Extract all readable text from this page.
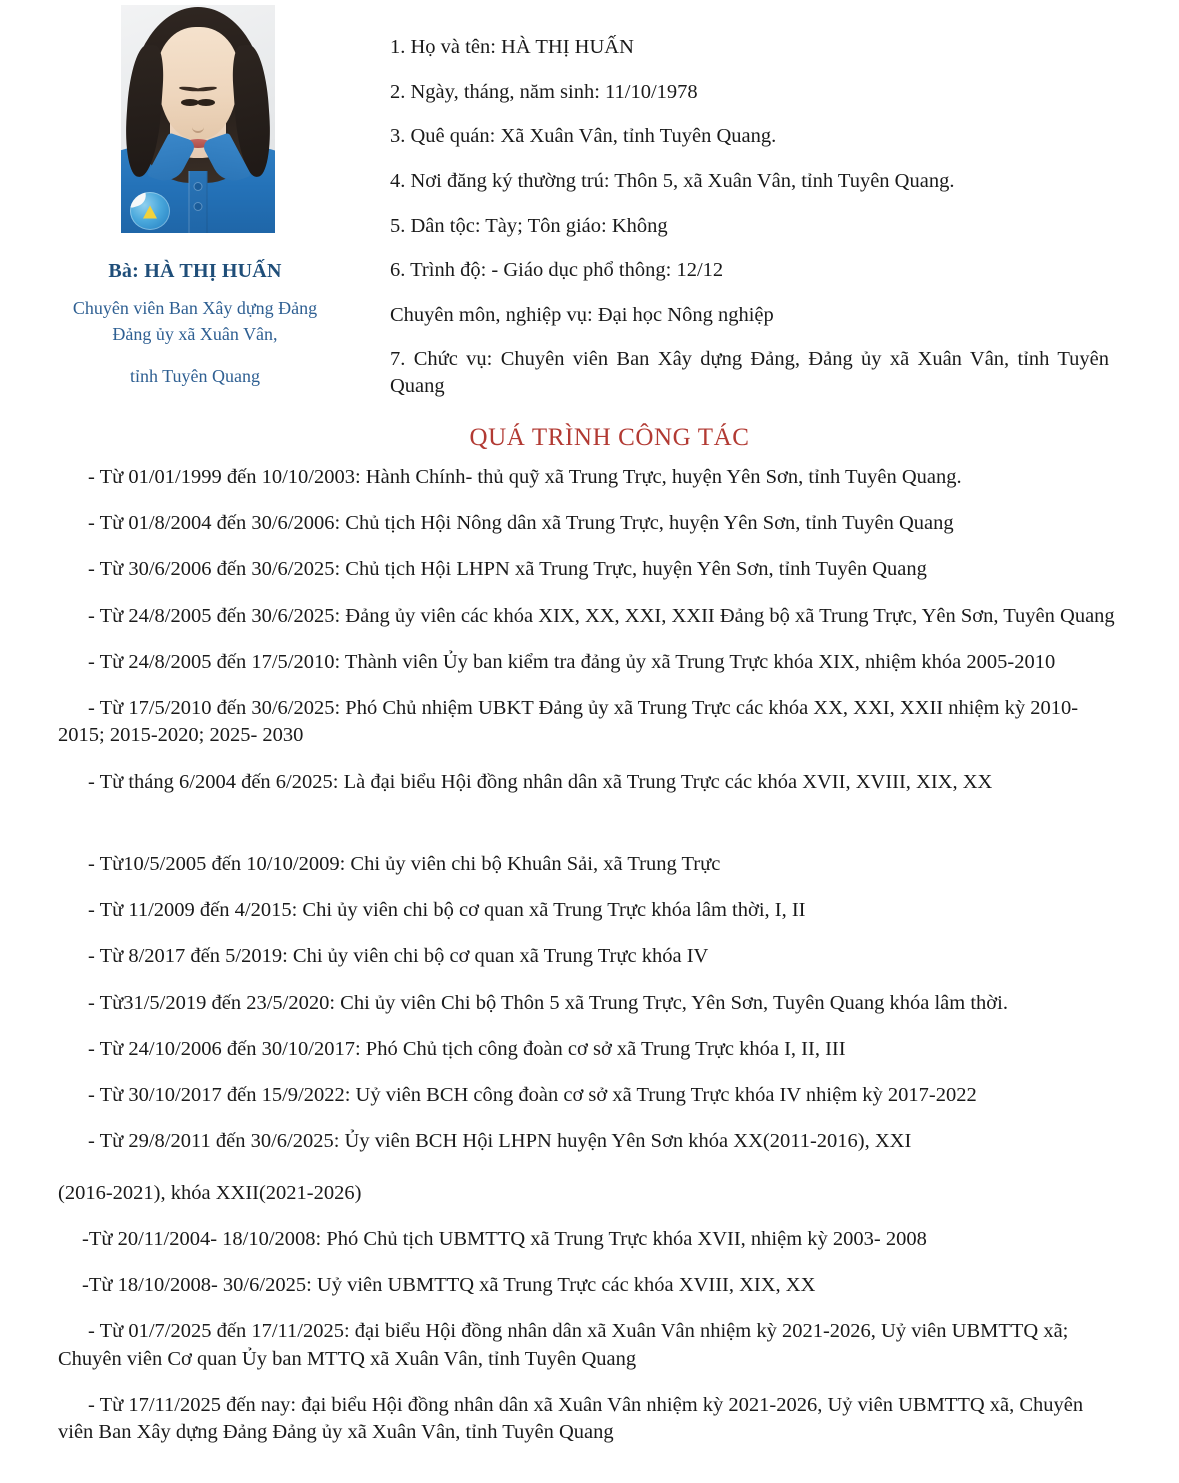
Bà: HÀ THỊ HUẤN
Chuyên viên Ban Xây dựng Đảng
Đảng ủy xã Xuân Vân,
tỉnh Tuyên Quang
1. Họ và tên: HÀ THỊ HUẤN
2. Ngày, tháng, năm sinh: 11/10/1978
3. Quê quán: Xã Xuân Vân, tỉnh Tuyên Quang.
4. Nơi đăng ký thường trú: Thôn 5, xã Xuân Vân, tỉnh Tuyên Quang.
5. Dân tộc: Tày; Tôn giáo: Không
6. Trình độ: - Giáo dục phổ thông: 12/12
Chuyên môn, nghiệp vụ: Đại học Nông nghiệp
7. Chức vụ: Chuyên viên Ban Xây dựng Đảng, Đảng ủy xã Xuân Vân, tỉnh Tuyên Quang
QUÁ TRÌNH CÔNG TÁC
- Từ 01/01/1999 đến 10/10/2003: Hành Chính- thủ quỹ xã Trung Trực, huyện Yên Sơn, tỉnh Tuyên Quang.
- Từ 01/8/2004 đến 30/6/2006: Chủ tịch Hội Nông dân xã Trung Trực, huyện Yên Sơn, tỉnh Tuyên Quang
- Từ 30/6/2006 đến 30/6/2025: Chủ tịch Hội LHPN xã Trung Trực, huyện Yên Sơn, tỉnh Tuyên Quang
- Từ 24/8/2005 đến 30/6/2025: Đảng ủy viên các khóa XIX, XX, XXI, XXII Đảng bộ xã Trung Trực, Yên Sơn, Tuyên Quang
- Từ 24/8/2005 đến 17/5/2010: Thành viên Ủy ban kiểm tra đảng ủy xã Trung Trực khóa XIX, nhiệm khóa 2005-2010
- Từ 17/5/2010 đến 30/6/2025: Phó Chủ nhiệm UBKT Đảng ủy xã Trung Trực các khóa XX, XXI, XXII nhiệm kỳ 2010-2015; 2015-2020; 2025- 2030
- Từ tháng 6/2004 đến 6/2025: Là đại biểu Hội đồng nhân dân xã Trung Trực các khóa XVII, XVIII, XIX, XX
- Từ10/5/2005 đến 10/10/2009: Chi ủy viên chi bộ Khuân Sải, xã Trung Trực
- Từ 11/2009 đến 4/2015: Chi ủy viên chi bộ cơ quan xã Trung Trực khóa lâm thời, I, II
- Từ 8/2017 đến 5/2019: Chi ủy viên chi bộ cơ quan xã Trung Trực khóa IV
- Từ31/5/2019 đến 23/5/2020: Chi ủy viên Chi bộ Thôn 5 xã Trung Trực, Yên Sơn, Tuyên Quang khóa lâm thời.
- Từ 24/10/2006 đến 30/10/2017: Phó Chủ tịch công đoàn cơ sở xã Trung Trực khóa I, II, III
- Từ 30/10/2017 đến 15/9/2022: Uỷ viên BCH công đoàn cơ sở xã Trung Trực khóa IV nhiệm kỳ 2017-2022
- Từ 29/8/2011 đến 30/6/2025: Ủy viên BCH Hội LHPN huyện Yên Sơn khóa XX(2011-2016), XXI
(2016-2021), khóa XXII(2021-2026)
-Từ 20/11/2004- 18/10/2008: Phó Chủ tịch UBMTTQ xã Trung Trực khóa XVII, nhiệm kỳ 2003- 2008
-Từ 18/10/2008- 30/6/2025: Uỷ viên UBMTTQ xã Trung Trực các khóa XVIII, XIX, XX
- Từ 01/7/2025 đến 17/11/2025: đại biểu Hội đồng nhân dân xã Xuân Vân nhiệm kỳ 2021-2026, Uỷ viên UBMTTQ xã; Chuyên viên Cơ quan Ủy ban MTTQ xã Xuân Vân, tỉnh Tuyên Quang
- Từ 17/11/2025 đến nay: đại biểu Hội đồng nhân dân xã Xuân Vân nhiệm kỳ 2021-2026, Uỷ viên UBMTTQ xã, Chuyên viên Ban Xây dựng Đảng Đảng ủy xã Xuân Vân, tỉnh Tuyên Quang
